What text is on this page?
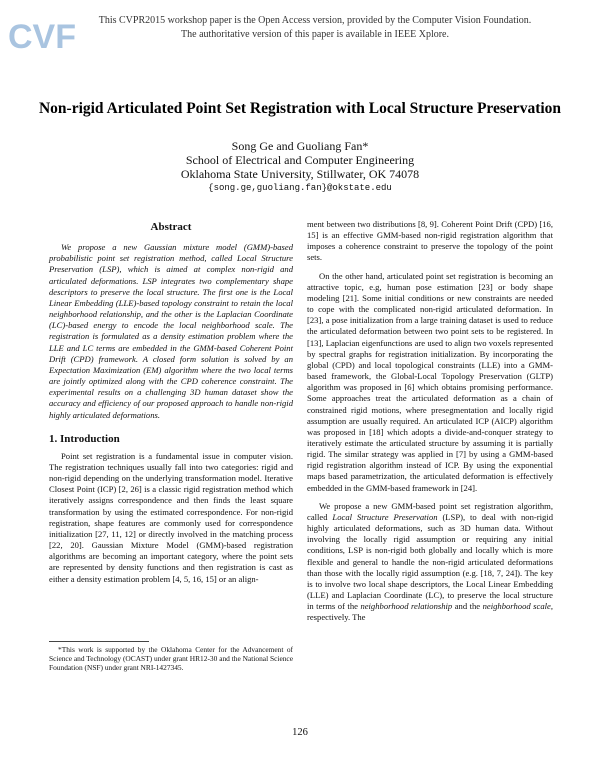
CVF	This CVPR2015 workshop paper is the Open Access version, provided by the Computer Vision Foundation.
The authoritative version of this paper is available in IEEE Xplore.
Non-rigid Articulated Point Set Registration with Local Structure Preservation
Song Ge and Guoliang Fan*
School of Electrical and Computer Engineering
Oklahoma State University, Stillwater, OK 74078
{song.ge,guoliang.fan}@okstate.edu
Abstract

We propose a new Gaussian mixture model (GMM)-based probabilistic point set registration method, called Local Structure Preservation (LSP), which is aimed at complex non-rigid and articulated deformations. LSP integrates two complementary shape descriptors to preserve the local structure. The first one is the Local Linear Embedding (LLE)-based topology constraint to retain the local neighborhood relationship, and the other is the Laplacian Coordinate (LC)-based energy to encode the local neighborhood scale. The registration is formulated as a density estimation problem where the LLE and LC terms are embedded in the GMM-based Coherent Point Drift (CPD) framework. A closed form solution is solved by an Expectation Maximization (EM) algorithm where the two local terms are jointly optimized along with the CPD coherence constraint. The experimental results on a challenging 3D human dataset show the accuracy and efficiency of our proposed approach to handle non-rigid highly articulated deformations.

1. Introduction

Point set registration is a fundamental issue in computer vision. The registration techniques usually fall into two categories: rigid and non-rigid depending on the underlying transformation model. Iterative Closest Point (ICP) [2, 26] is a classic rigid registration method which iteratively assigns correspondence and then finds the least square transformation by using the estimated correspondence. For non-rigid registration, shape features are commonly used for correspondence initialization [27, 11, 12] or directly involved in the matching process [22, 20]. Gaussian Mixture Model (GMM)-based registration algorithms are becoming an important category, where the point sets are represented by density functions and then registration is cast as either a density estimation problem [4, 5, 16, 15] or an align-

*This work is supported by the Oklahoma Center for the Advancement of Science and Technology (OCAST) under grant HR12-30 and the National Science Foundation (NSF) under grant NRI-1427345.

ment between two distributions [8, 9]. Coherent Point Drift (CPD) [16, 15] is an effective GMM-based non-rigid registration algorithm that imposes a coherence constraint to preserve the topology of the point sets.

On the other hand, articulated point set registration is becoming an attractive topic, e.g, human pose estimation [23] or body shape modeling [21]. Some initial conditions or new constraints are needed to cope with the complicated non-rigid articulated deformation. In [23], a pose initialization from a large training dataset is used to reduce the articulated deformation between two point sets to be registered. In [13], Laplacian eigenfunctions are used to align two voxels represented by spectral graphs for registration initialization. By incorporating the global (CPD) and local topological constraints (LLE) into a GMM-based framework, the Global-Local Topology Preservation (GLTP) algorithm was proposed in [6] which obtains promising performance. Some approaches treat the articulated deformation as a chain of constrained rigid motions, where presegmentation and locally rigid assumption are usually required. An articulated ICP (AICP) algorithm was proposed in [18] which adopts a divide-and-conquer strategy to iteratively estimate the articulated structure by assuming it is partially rigid. The similar strategy was applied in [7] by using a GMM-based rigid registration algorithm instead of ICP. By using the exponential maps based parametrization, the articulated deformation is effectively embedded in the GMM-based framework in [24].

We propose a new GMM-based point set registration algorithm, called Local Structure Preservation (LSP), to deal with non-rigid highly articulated deformations, such as 3D human data. Without involving the locally rigid assumption or requiring any initial conditions, LSP is non-rigid both globally and locally which is more flexible and general to handle the non-rigid articulated deformations than those with the locally rigid assumption (e.g. [18, 7, 24]). The key is to involve two local shape descriptors, the Local Linear Embedding (LLE) and Laplacian Coordinate (LC), to preserve the local structure in terms of the neighborhood relationship and the neighborhood scale, respectively. The

126
